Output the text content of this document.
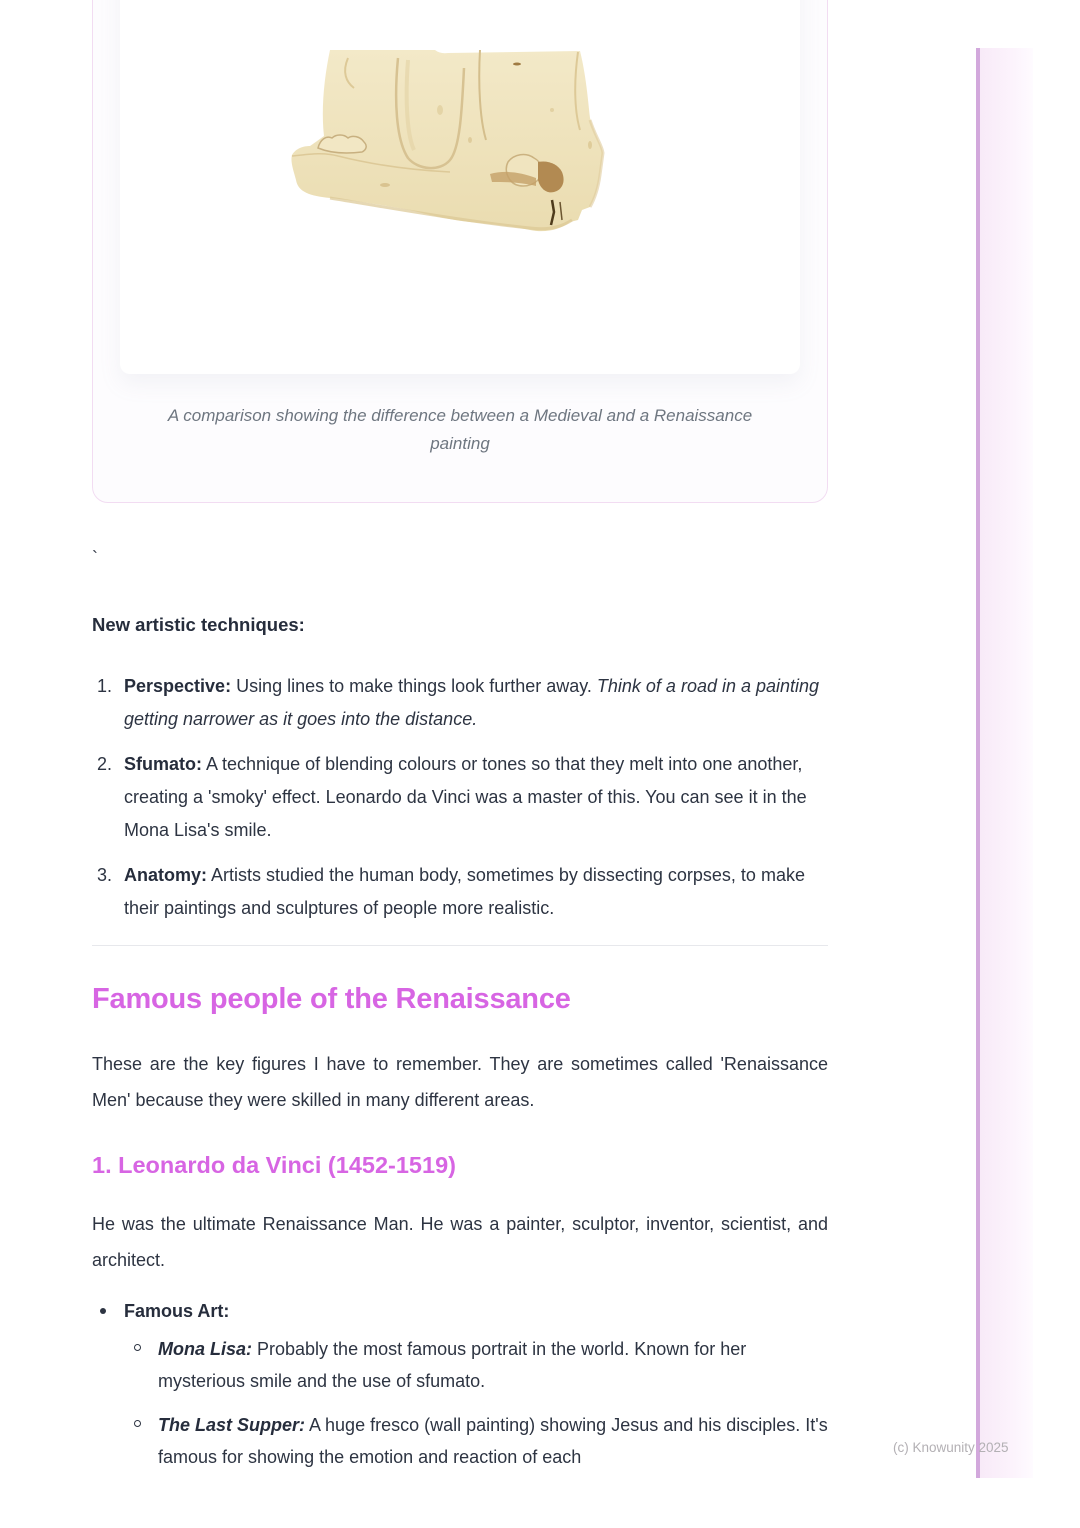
(c) Knowunity 2025
A comparison showing the difference between a Medieval and a Renaissance painting

`

New artistic techniques:
1. Perspective: Using lines to make things look further away. Think of a road in a painting getting narrower as it goes into the distance.
2. Sfumato: A technique of blending colours or tones so that they melt into one another, creating a 'smoky' effect. Leonardo da Vinci was a master of this. You can see it in the Mona Lisa's smile.
3. Anatomy: Artists studied the human body, sometimes by dissecting corpses, to make their paintings and sculptures of people more realistic.
Famous people of the Renaissance

These are the key figures I have to remember. They are sometimes called 'Renaissance Men' because they were skilled in many different areas.

1. Leonardo da Vinci (1452-1519)

He was the ultimate Renaissance Man. He was a painter, sculptor, inventor, scientist, and architect.

Famous Art:
Mona Lisa: Probably the most famous portrait in the world. Known for her mysterious smile and the use of sfumato.
The Last Supper: A huge fresco (wall painting) showing Jesus and his disciples. It's famous for showing the emotion and reaction of each
